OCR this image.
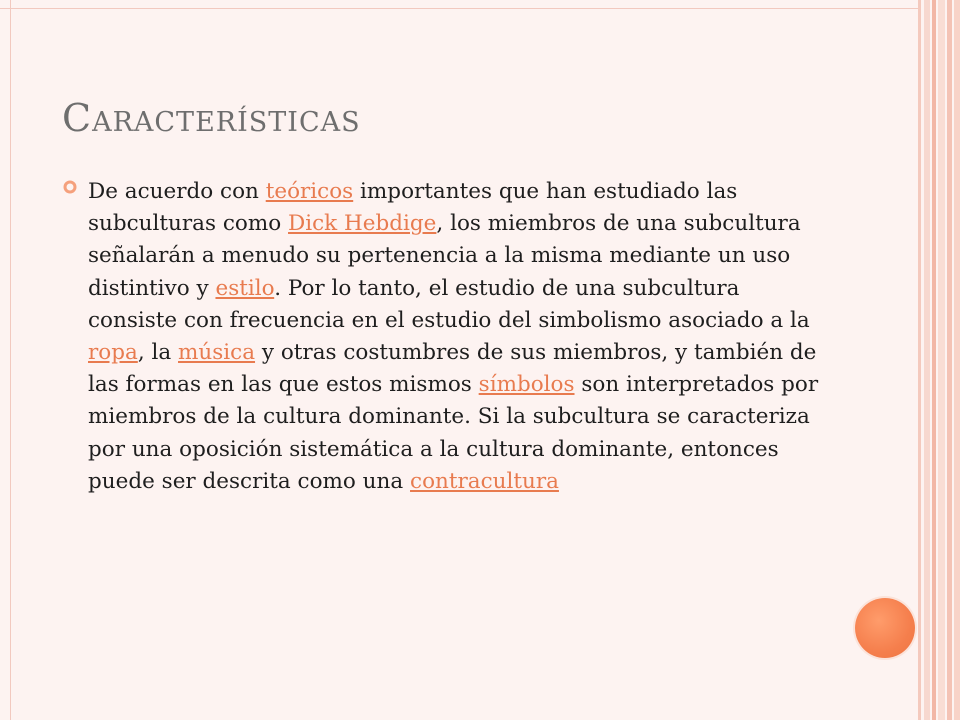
Características

De acuerdo con teóricos importantes que han estudiado las subculturas como Dick Hebdige, los miembros de una subcultura señalarán a menudo su pertenencia a la misma mediante un uso distintivo y estilo. Por lo tanto, el estudio de una subcultura consiste con frecuencia en el estudio del simbolismo asociado a la ropa, la música y otras costumbres de sus miembros, y también de las formas en las que estos mismos símbolos son interpretados por miembros de la cultura dominante. Si la subcultura se caracteriza por una oposición sistemática a la cultura dominante, entonces puede ser descrita como una contracultura
